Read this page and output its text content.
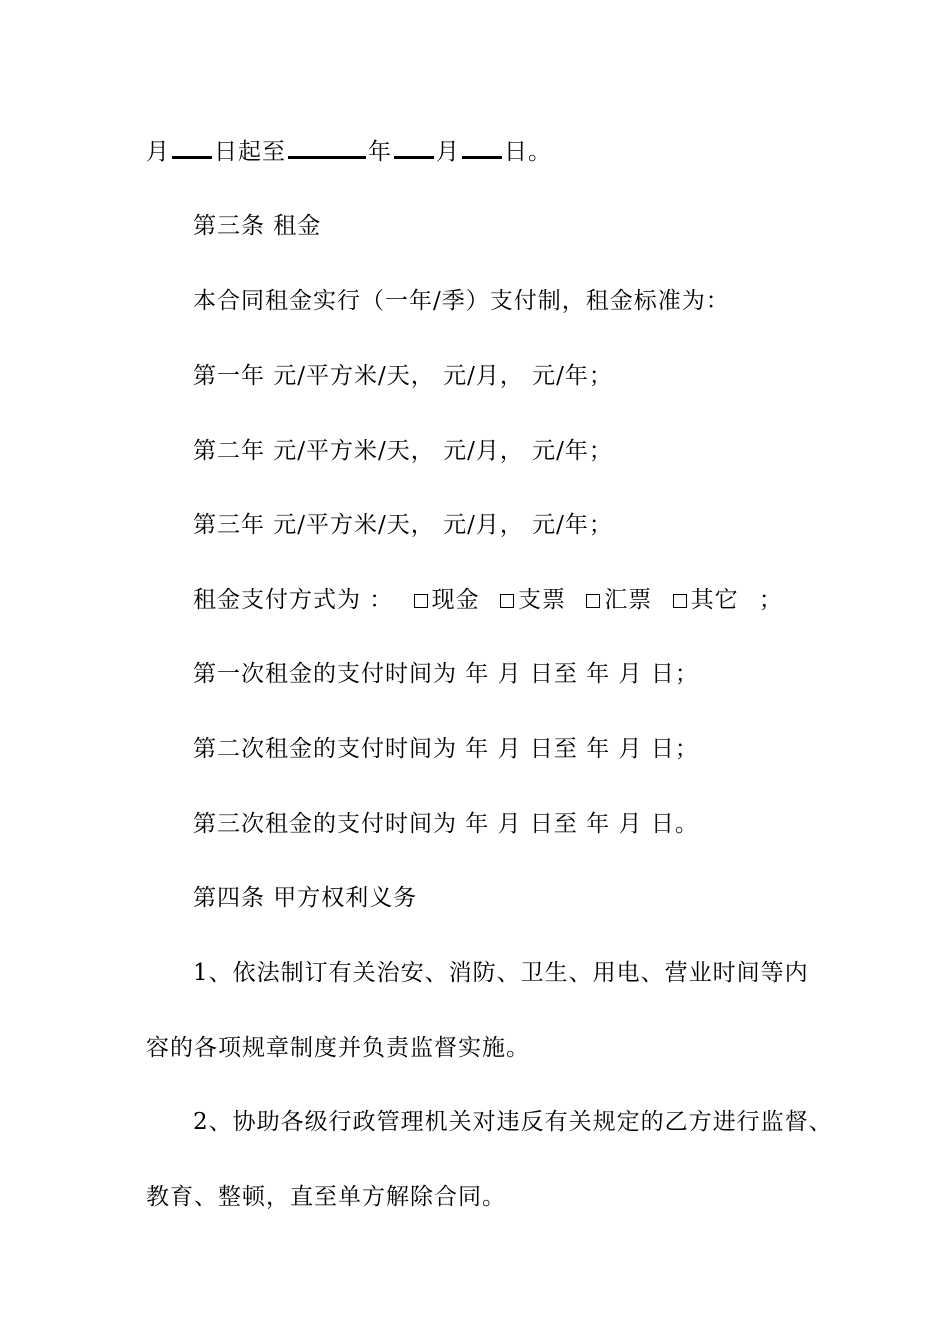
月 日起至	年 月 日。
第三条 租金
本合同租金实行（一年/季）支付制，租金标准为：
第一年 元/平方米/天， 元/月， 元/年；
第二年 元/平方米/天， 元/月， 元/年；
第三年 元/平方米/天， 元/月， 元/年；
租金支付方式为 ： 现金 支票 汇票 其它 ；
第一次租金的支付时间为 年 月 日至 年 月 日；
第二次租金的支付时间为 年 月 日至 年 月 日；
第三次租金的支付时间为 年 月 日至 年 月 日。
第四条 甲方权利义务
1、依法制订有关治安、消防、卫生、用电、营业时间等内
容的各项规章制度并负责监督实施。
2、协助各级行政管理机关对违反有关规定的乙方进行监督、
教育、整顿，直至单方解除合同。
